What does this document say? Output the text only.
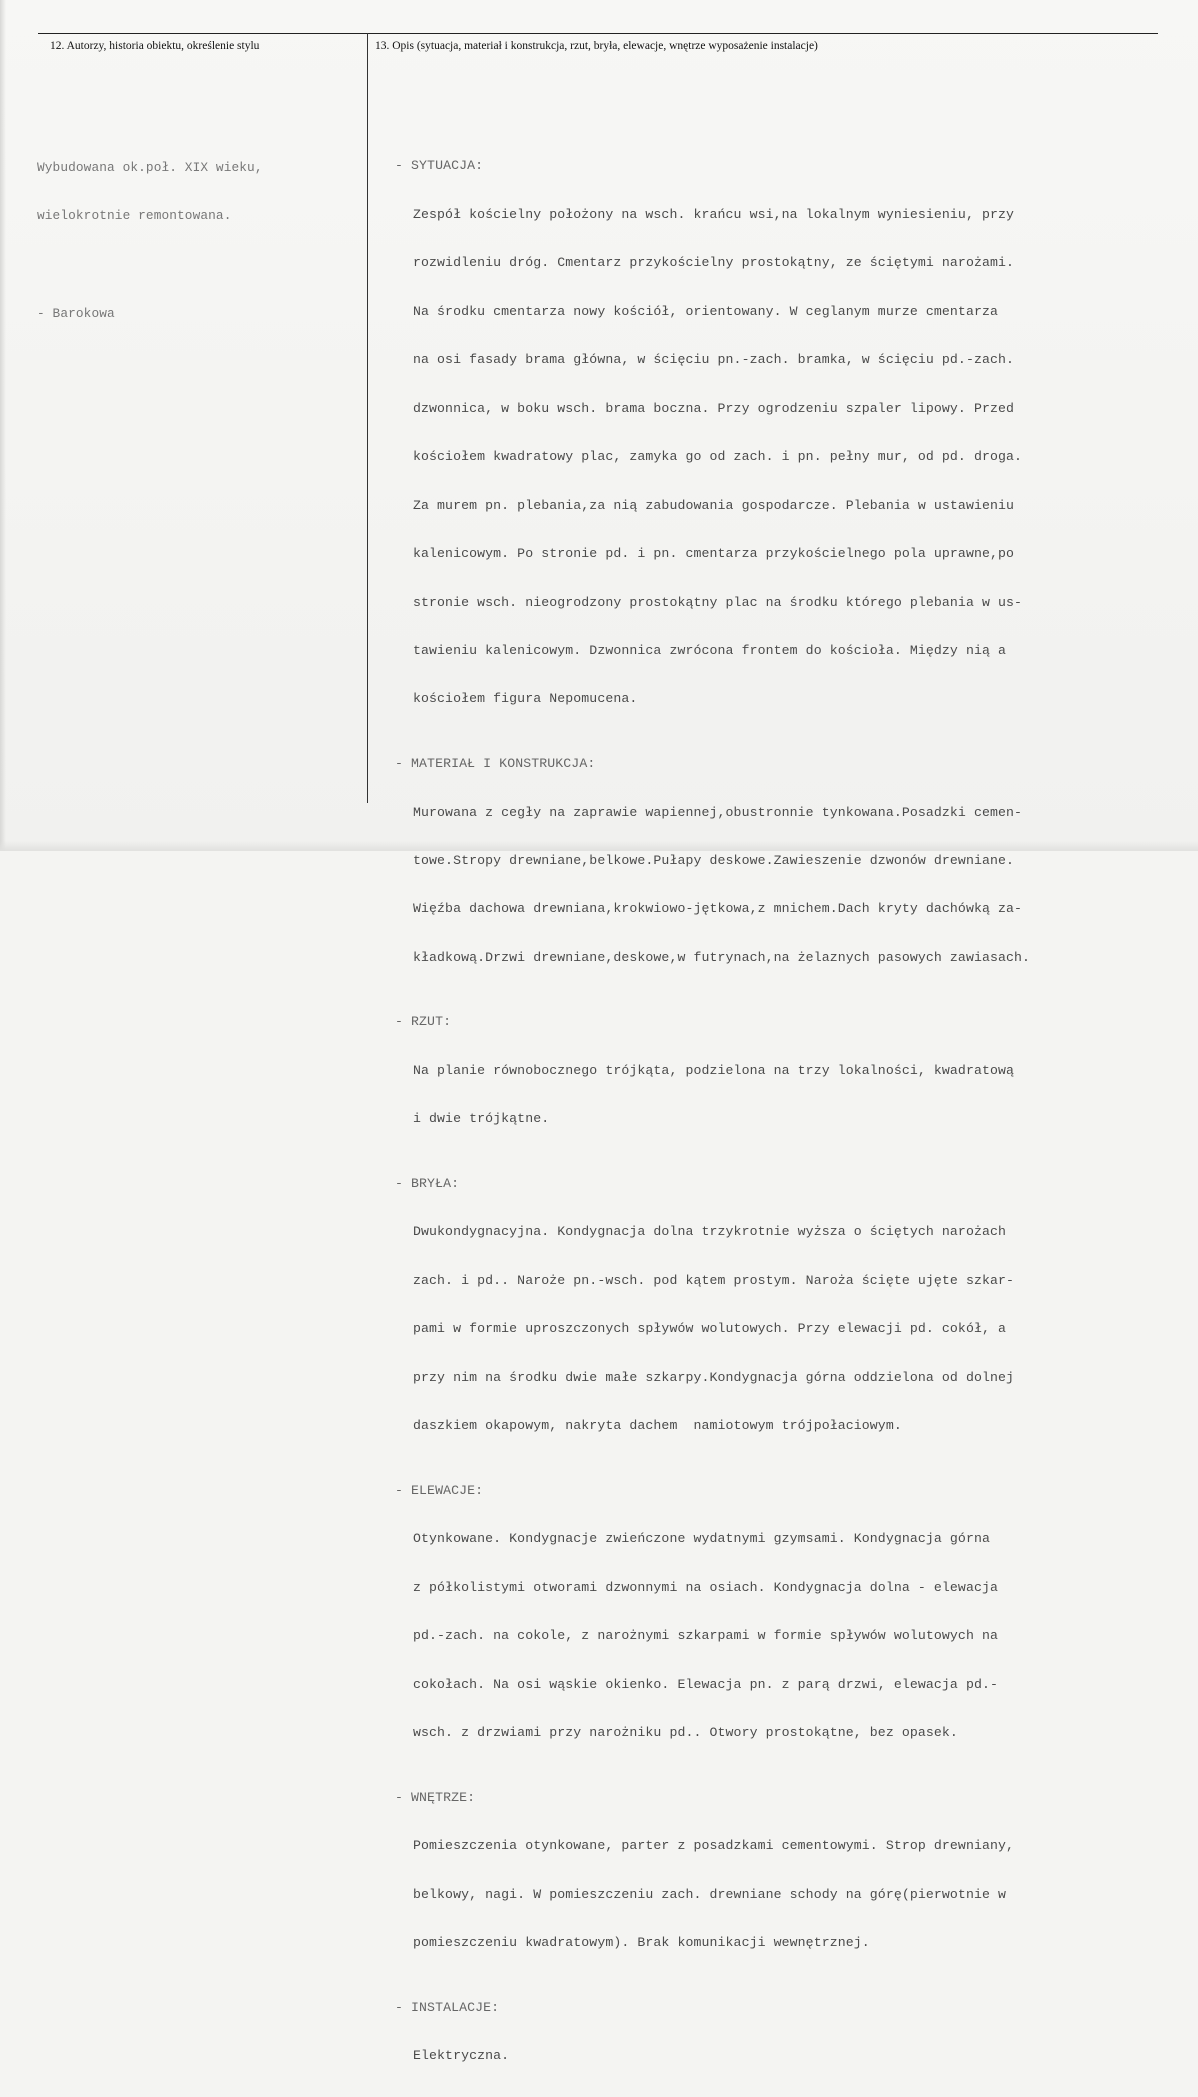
12. Autorzy, historia obiektu, określenie stylu	13. Opis (sytuacja, materiał i konstrukcja, rzut, bryła, elewacje, wnętrze wyposażenie instalacje)

Wybudowana ok.poł. XIX wieku,

wielokrotnie remontowana.

- Barokowa

- SYTUACJA:

Zespół kościelny położony na wsch. krańcu wsi,na lokalnym wyniesieniu, przy

rozwidleniu dróg. Cmentarz przykościelny prostokątny, ze ściętymi narożami.

Na środku cmentarza nowy kościół, orientowany. W ceglanym murze cmentarza

na osi fasady brama główna, w ścięciu pn.-zach. bramka, w ścięciu pd.-zach.

dzwonnica, w boku wsch. brama boczna. Przy ogrodzeniu szpaler lipowy. Przed

kościołem kwadratowy plac, zamyka go od zach. i pn. pełny mur, od pd. droga.

Za murem pn. plebania,za nią zabudowania gospodarcze. Plebania w ustawieniu

kalenicowym. Po stronie pd. i pn. cmentarza przykościelnego pola uprawne,po

stronie wsch. nieogrodzony prostokątny plac na środku którego plebania w us-

tawieniu kalenicowym. Dzwonnica zwrócona frontem do kościoła. Między nią a

kościołem figura Nepomucena.

- MATERIAŁ I KONSTRUKCJA:

Murowana z cegły na zaprawie wapiennej,obustronnie tynkowana.Posadzki cemen-

towe.Stropy drewniane,belkowe.Pułapy deskowe.Zawieszenie dzwonów drewniane.

Więźba dachowa drewniana,krokwiowo-jętkowa,z mnichem.Dach kryty dachówką za-

kładkową.Drzwi drewniane,deskowe,w futrynach,na żelaznych pasowych zawiasach.

- RZUT:

Na planie równobocznego trójkąta, podzielona na trzy lokalności, kwadratową

i dwie trójkątne.

- BRYŁA:

Dwukondygnacyjna. Kondygnacja dolna trzykrotnie wyższa o ściętych narożach

zach. i pd.. Naroże pn.-wsch. pod kątem prostym. Naroża ścięte ujęte szkar-

pami w formie uproszczonych spływów wolutowych. Przy elewacji pd. cokół, a

przy nim na środku dwie małe szkarpy.Kondygnacja górna oddzielona od dolnej

daszkiem okapowym, nakryta dachem  namiotowym trójpołaciowym.

- ELEWACJE:

Otynkowane. Kondygnacje zwieńczone wydatnymi gzymsami. Kondygnacja górna

z półkolistymi otworami dzwonnymi na osiach. Kondygnacja dolna - elewacja

pd.-zach. na cokole, z narożnymi szkarpami w formie spływów wolutowych na

cokołach. Na osi wąskie okienko. Elewacja pn. z parą drzwi, elewacja pd.-

wsch. z drzwiami przy narożniku pd.. Otwory prostokątne, bez opasek.

- WNĘTRZE:

Pomieszczenia otynkowane, parter z posadzkami cementowymi. Strop drewniany,

belkowy, nagi. W pomieszczeniu zach. drewniane schody na górę(pierwotnie w

pomieszczeniu kwadratowym). Brak komunikacji wewnętrznej.

- INSTALACJE:

Elektryczna.
